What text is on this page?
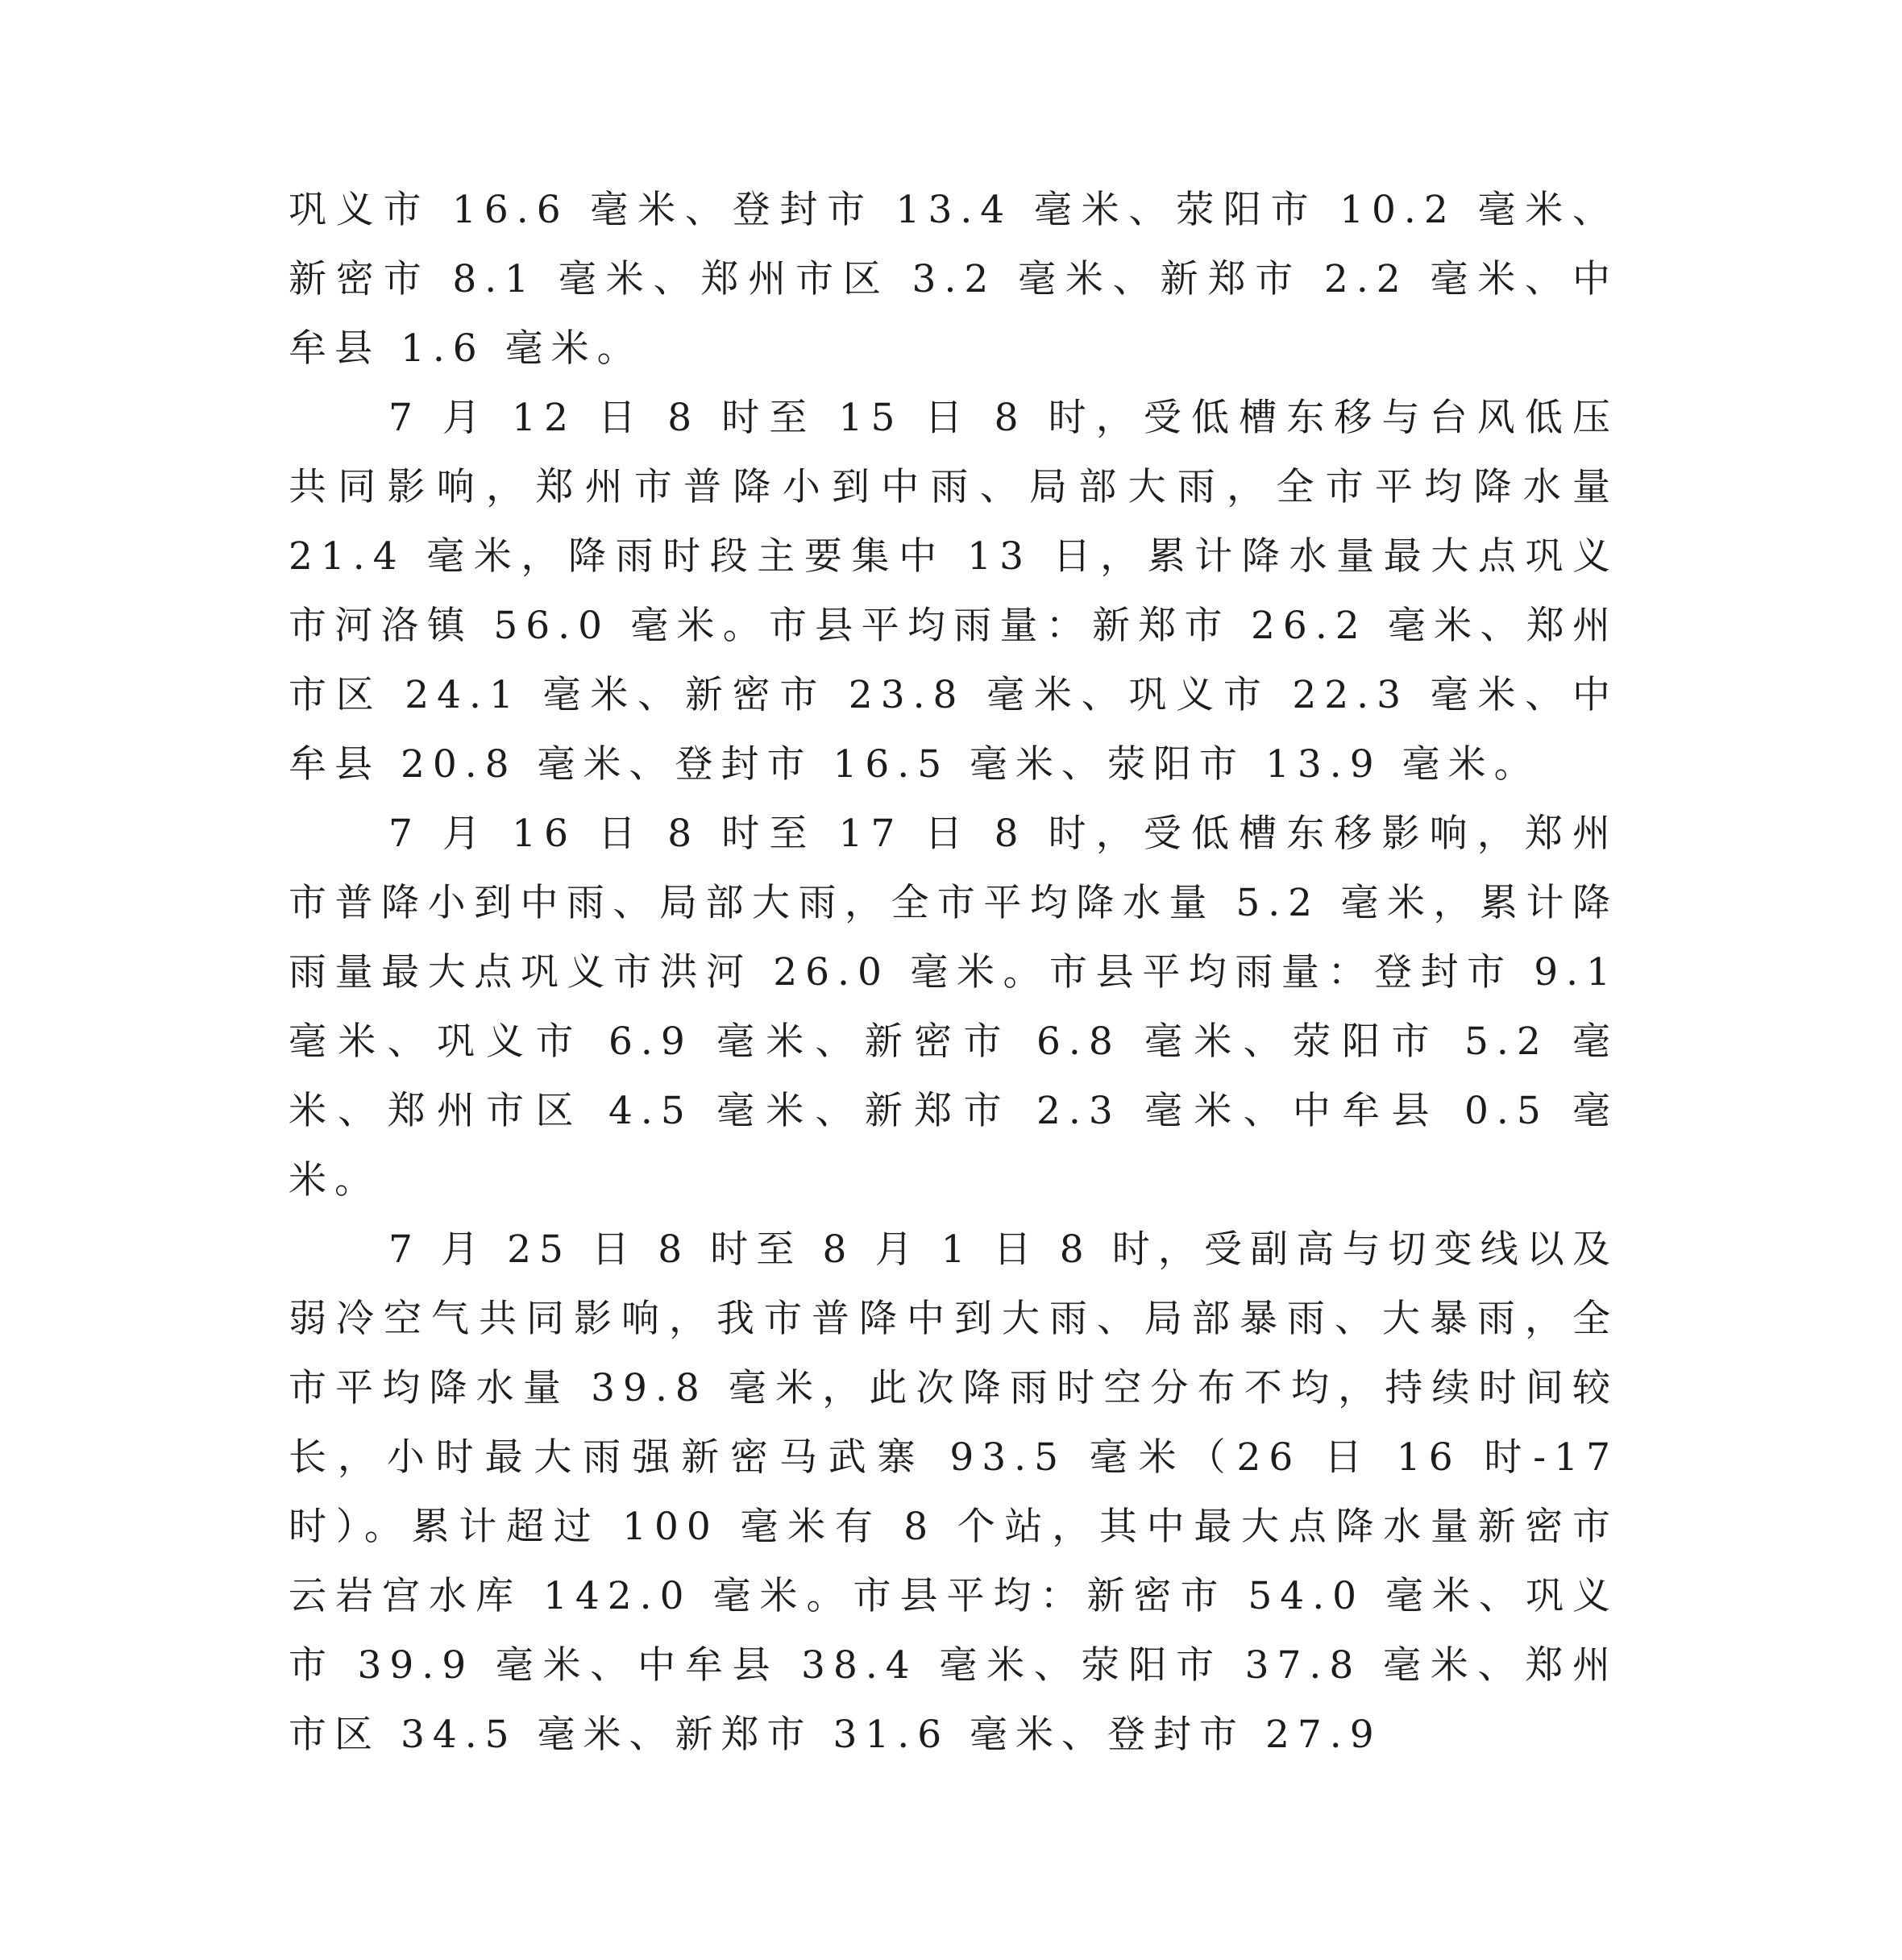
巩义市 16.6 毫米、登封市 13.4 毫米、荥阳市 10.2 毫米、新密市 8.1 毫米、郑州市区 3.2 毫米、新郑市 2.2 毫米、中牟县 1.6 毫米。

7 月 12 日 8 时至 15 日 8 时，受低槽东移与台风低压共同影响，郑州市普降小到中雨、局部大雨，全市平均降水量 21.4 毫米，降雨时段主要集中 13 日，累计降水量最大点巩义市河洛镇 56.0 毫米。市县平均雨量：新郑市 26.2 毫米、郑州市区 24.1 毫米、新密市 23.8 毫米、巩义市 22.3 毫米、中牟县 20.8 毫米、登封市 16.5 毫米、荥阳市 13.9 毫米。

7 月 16 日 8 时至 17 日 8 时，受低槽东移影响，郑州市普降小到中雨、局部大雨，全市平均降水量 5.2 毫米，累计降雨量最大点巩义市洪河 26.0 毫米。市县平均雨量：登封市 9.1 毫米、巩义市 6.9 毫米、新密市 6.8 毫米、荥阳市 5.2 毫米、郑州市区 4.5 毫米、新郑市 2.3 毫米、中牟县 0.5 毫米。

7 月 25 日 8 时至 8 月 1 日 8 时，受副高与切变线以及弱冷空气共同影响，我市普降中到大雨、局部暴雨、大暴雨，全市平均降水量 39.8 毫米，此次降雨时空分布不均，持续时间较长，小时最大雨强新密马武寨 93.5 毫米（26 日 16 时-17 时）。累计超过 100 毫米有 8 个站，其中最大点降水量新密市云岩宫水库 142.0 毫米。市县平均：新密市 54.0 毫米、巩义市 39.9 毫米、中牟县 38.4 毫米、荥阳市 37.8 毫米、郑州市区 34.5 毫米、新郑市 31.6 毫米、登封市 27.9
